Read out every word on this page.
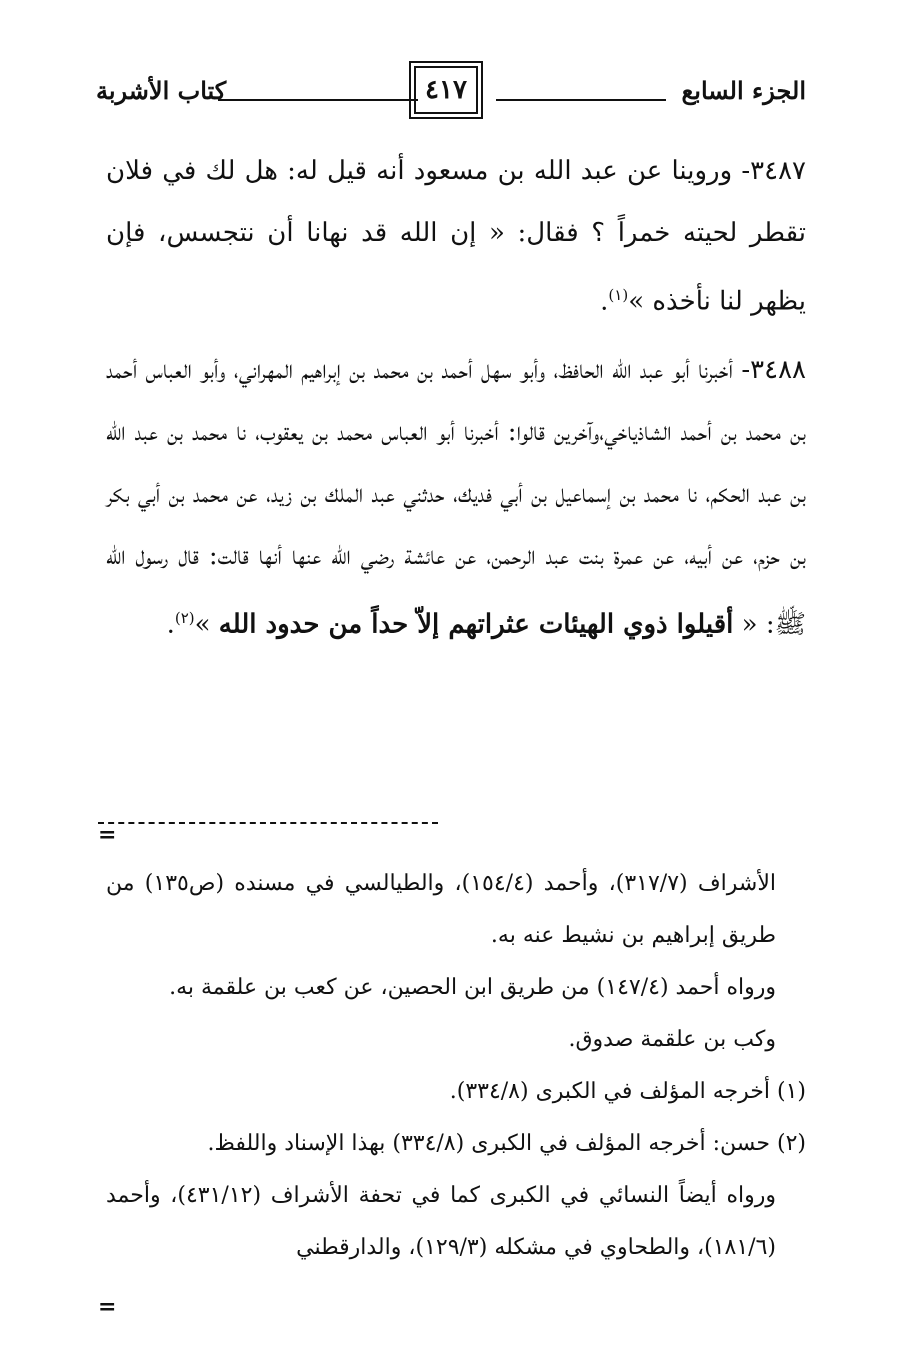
الجزء السابع
٤١٧
كتاب الأشربة

٣٤٨٧- وروينا عن عبد الله بن مسعود أنه قيل له: هل لك في فلان تقطر لحيته خمراً ؟ فقال: « إن الله قد نهانا أن نتجسس، فإن يظهر لنا نأخذه »$^{(١)}$.

٣٤٨٨- أخبرنا أبو عبد الله الحافظ، وأبو سهل أحمد بن محمد بن إبراهيم المهراني، وأبو العباس أحمد بن محمد بن أحمد الشاذياخي،وآخرين قالوا: أخبرنا أبو العباس محمد بن يعقوب، نا محمد بن عبد الله بن عبد الحكم، نا محمد بن إسماعيل بن أبي فديك، حدثني عبد الملك بن زيد، عن محمد بن أبي بكر بن حزم، عن أبيه، عن عمرة بنت عبد الرحمن، عن عائشة رضي الله عنها أنها قالت: قال رسول الله ﷺ: « أقيلوا ذوي الهيئات عثراتهم إلاّ حداً من حدود الله »$^{(٢)}$.

=

الأشراف (٣١٧/٧)، وأحمد (١٥٤/٤)، والطيالسي في مسنده (ص١٣٥) من طريق إبراهيم بن نشيط عنه به.

ورواه أحمد (١٤٧/٤) من طريق ابن الحصين، عن كعب بن علقمة به.

وكب بن علقمة صدوق.

(١) أخرجه المؤلف في الكبرى (٣٣٤/٨).

(٢) حسن: أخرجه المؤلف في الكبرى (٣٣٤/٨) بهذا الإسناد واللفظ.

ورواه أيضاً النسائي في الكبرى كما في تحفة الأشراف (٤٣١/١٢)، وأحمد (١٨١/٦)، والطحاوي في مشكله (١٢٩/٣)، والدارقطني

=
